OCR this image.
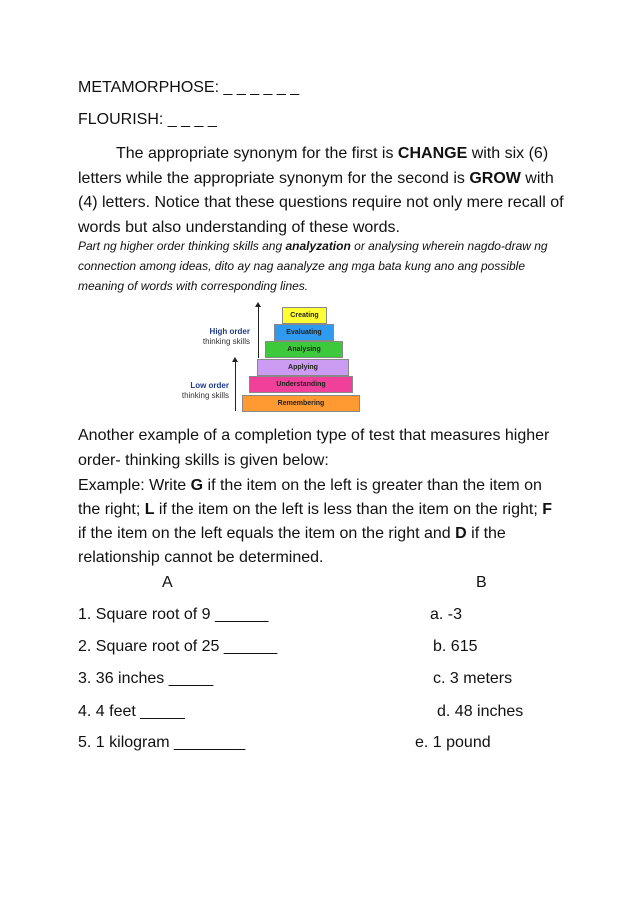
METAMORPHOSE: _ _ _ _ _ _
FLOURISH: _ _ _ _

The appropriate synonym for the first is CHANGE with six (6) letters while the appropriate synonym for the second is GROW with (4) letters. Notice that these questions require not only mere recall of words but also understanding of these words.

Part ng higher order thinking skills ang analyzation or analysing wherein nagdo-draw ng connection among ideas, dito ay nag aanalyze ang mga bata kung ano ang possible meaning of words with corresponding lines.

High order
thinking skills
Low order
thinking skills
Creating
Evaluating
Analysing
Applying
Understanding
Remembering

Another example of a completion type of test that measures higher order- thinking skills is given below:

Example: Write G if the item on the left is greater than the item on the right; L if the item on the left is less than the item on the right; F if the item on the left equals the item on the right and D if the relationship cannot be determined.

A	B
1. Square root of 9 ______
2. Square root of 25 ______
3. 36 inches _____
4. 4 feet _____
5. 1 kilogram ________
a. -3
b. 615
c. 3 meters
d. 48 inches
e. 1 pound
